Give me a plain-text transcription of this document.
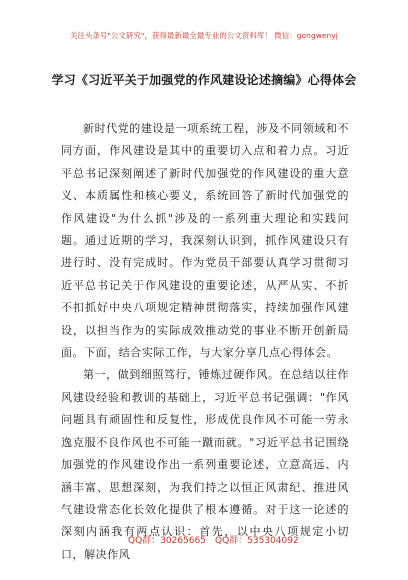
关注头条号"公文研究"，获得最新最全最专业的公文资料库！ 微信：gongwenyj
学习《习近平关于加强党的作风建设论述摘编》心得体会

新时代党的建设是一项系统工程，涉及不同领域和不同方面，作风建设是其中的重要切入点和着力点。习近平总书记深刻阐述了新时代加强党的作风建设的重大意义、本质属性和核心要义，系统回答了新时代加强党的作风建设"为什么抓"涉及的一系列重大理论和实践问题。通过近期的学习，我深刻认识到，抓作风建设只有进行时、没有完成时。作为党员干部要认真学习贯彻习近平总书记关于作风建设的重要论述，从严从实、不折不扣抓好中央八项规定精神贯彻落实，持续加强作风建设，以担当作为的实际成效推动党的事业不断开创新局面。下面，结合实际工作，与大家分享几点心得体会。

第一，做到细照笃行，锤炼过硬作风。在总结以往作风建设经验和教训的基础上，习近平总书记强调："作风问题具有顽固性和反复性，形成优良作风不可能一劳永逸克服不良作风也不可能一蹴而就。"习近平总书记围绕加强党的作风建设作出一系列重要论述，立意高远、内涵丰富、思想深刻，为我们持之以恒正风肃纪、推进风气建设常态化长效化提供了根本遵循。对于这一论述的深刻内涵我有两点认识：首先，以中央八项规定小切口，解决作风

QQ群：30265665 QQ群：535304092
